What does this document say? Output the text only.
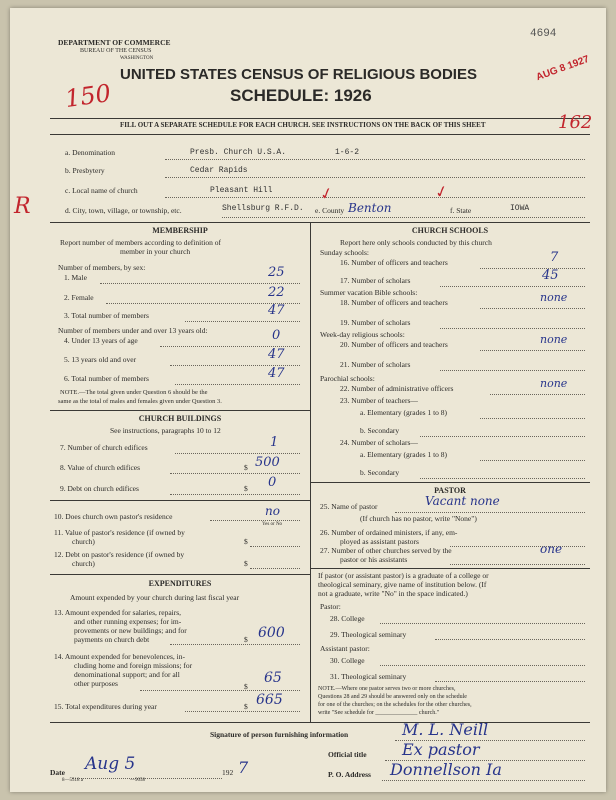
DEPARTMENT OF COMMERCE
BUREAU OF THE CENSUS
WASHINGTON
UNITED STATES CENSUS OF RELIGIOUS BODIES
SCHEDULE: 1926
FILL OUT A SEPARATE SCHEDULE FOR EACH CHURCH. SEE INSTRUCTIONS ON THE BACK OF THIS SHEET
4694
AUG 8 1927
150
162
R
a. Denomination	Presb. Church U.S.A.	1-6-2
b. Presbytery	Cedar Rapids
c. Local name of church	Pleasant Hill
d. City, town, village, or township, etc.	Shellsburg R.F.D. e. County Benton	f. State	IOWA
✓	✓
MEMBERSHIP
Report number of members according to definition of
member in your church
Number of members, by sex:
1. Male	25
2. Female	22
3. Total number of members	47
Number of members under and over 13 years old:
4. Under 13 years of age	0
5. 13 years old and over	47
6. Total number of members	47
NOTE.—The total given under Question 6 should be the
same as the total of males and females given under Question 3.
CHURCH BUILDINGS
See instructions, paragraphs 10 to 12
7. Number of church edifices	1
8. Value of church edifices	$ 500
9. Debt on church edifices	$ 0
10. Does church own pastor's residence	no
Yes or No
11. Value of pastor's residence (if owned by
church)	$
12. Debt on pastor's residence (if owned by
church)	$
EXPENDITURES
Amount expended by your church during last fiscal year
13. Amount expended for salaries, repairs,
and other running expenses; for im-
provements or new buildings; and for
payments on church debt	$ 600
14. Amount expended for benevolences, in-
cluding home and foreign missions; for
denominational support; and for all
other purposes	$
65
15. Total expenditures during year	$ 665
CHURCH SCHOOLS
Report here only schools conducted by this church
Sunday schools:
16. Number of officers and teachers	7
17. Number of scholars	45
Summer vacation Bible schools:
18. Number of officers and teachers	none
19. Number of scholars
Week-day religious schools:
20. Number of officers and teachers	none
21. Number of scholars
Parochial schools:
22. Number of administrative officers	none
23. Number of teachers—
a. Elementary (grades 1 to 8)
b. Secondary
24. Number of scholars—
a. Elementary (grades 1 to 8)
b. Secondary
PASTOR
25. Name of pastor	Vacant none
(If church has no pastor, write "None")
26. Number of ordained ministers, if any, em-
ployed as assistant pastors
27. Number of other churches served by the
pastor or his assistants
one
If pastor (or assistant pastor) is a graduate of a college or
theological seminary, give name of institution below. (If
not a graduate, write "No" in the space indicated.)
Pastor:
28. College
29. Theological seminary
Assistant pastor:
30. College
31. Theological seminary
NOTE.—Where one pastor serves two or more churches,
Questions 28 and 29 should be answered only on the schedule
for one of the churches; on the schedules for the other churches,
write "See schedule for ______________ church."
Signature of person furnishing information	M. L. Neill
Official title Ex pastor
Date Aug 5	192 7	P. O. Address Donnellson Ia
8—5518 a	—9058
